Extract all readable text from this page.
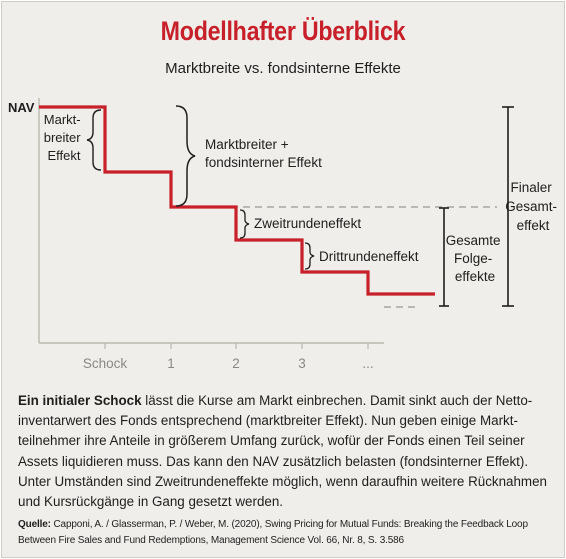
Modellhafter Überblick
Marktbreite vs. fondsinterne Effekte
Schock	1	2	3	...
NAV
Markt- breiter Effekt
Marktbreiter + fondsinterner Effekt
Zweitrundeneffekt
Drittrundeneffekt
Gesamte Folge- effekte
Finaler Gesamt- effekt

Ein initialer Schock lässt die Kurse am Markt einbrechen. Damit sinkt auch der Nettoinventarwert des Fonds entsprechend (marktbreiter Effekt). Nun geben einige Marktteilnehmer ihre Anteile in größerem Umfang zurück, wofür der Fonds einen Teil seiner Assets liquidieren muss. Das kann den NAV zusätzlich belasten (fondsinterner Effekt). Unter Umständen sind Zweitrundeneffekte möglich, wenn daraufhin weitere Rücknahmen und Kursrückgänge in Gang gesetzt werden.

Quelle: Capponi, A. / Glasserman, P. / Weber, M. (2020), Swing Pricing for Mutual Funds: Breaking the Feedback Loop Between Fire Sales and Fund Redemptions, Management Science Vol. 66, Nr. 8, S. 3.586
